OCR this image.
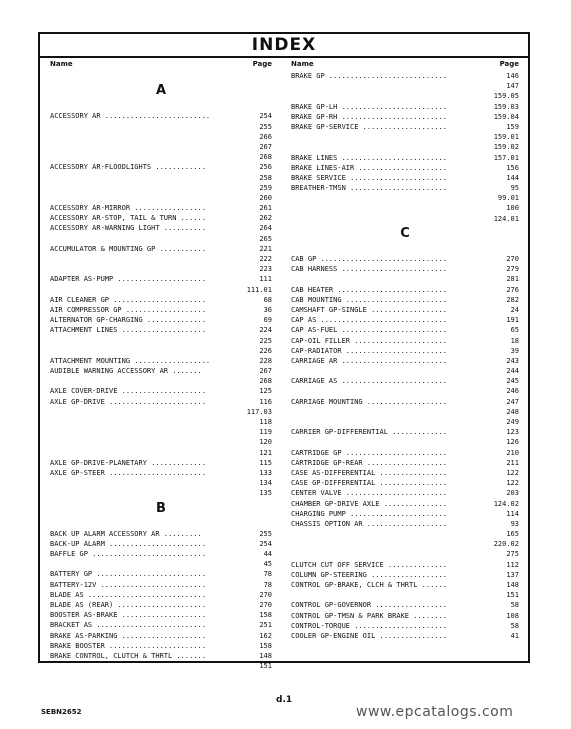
INDEX
Name	Page
A
ACCESSORY AR .........................	254
255
266
267
268
ACCESSORY AR-FLOODLIGHTS ............	256
258
259
260
ACCESSORY AR-MIRROR .................	261
ACCESSORY AR-STOP, TAIL & TURN ......	262
ACCESSORY AR-WARNING LIGHT ..........	264
265
ACCUMULATOR & MOUNTING GP ...........	221
222
223
ADAPTER AS-PUMP .....................	111
111.01
AIR CLEANER GP ......................	68
AIR COMPRESSOR GP ...................	36
ALTERNATOR GP-CHARGING ..............	69
ATTACHMENT LINES ....................	224
225
226
ATTACHMENT MOUNTING ..................	228
AUDIBLE WARNING ACCESSORY AR .......	267
268
AXLE COVER-DRIVE ....................	125
AXLE GP-DRIVE .......................	116
117.03
118
119
120
121
AXLE GP-DRIVE-PLANETARY .............	115
AXLE GP-STEER .......................	133
134
135
B
BACK UP ALARM ACCESSORY AR .........	255
BACK-UP ALARM .......................	254
BAFFLE GP ...........................	44
45
BATTERY GP ..........................	78
BATTERY-12V .........................	78
BLADE AS ............................	270
BLADE AS (REAR) .....................	270
BOOSTER AS-BRAKE ....................	158
BRACKET AS ..........................	251
BRAKE AS-PARKING ....................	162
BRAKE BOOSTER .......................	158
BRAKE CONTROL, CLUTCH & THRTL .......	148
151
Name	Page
BRAKE GP ............................	146
147
159.05
BRAKE GP-LH .........................	159.03
BRAKE GP-RH .........................	159.04
BRAKE GP-SERVICE ....................	159
159.01
159.02
BRAKE LINES .........................	157.01
BRAKE LINES-AIR .....................	156
BRAKE SERVICE .......................	144
BREATHER-TMSN .......................	95
99.01
100
124.01
C
CAB GP ..............................	270
CAB HARNESS .........................	279
281
CAB HEATER ..........................	276
CAB MOUNTING ........................	282
CAMSHAFT GP-SINGLE ..................	24
CAP AS ..............................	191
CAP AS-FUEL .........................	65
CAP-OIL FILLER ......................	18
CAP-RADIATOR ........................	39
CARRIAGE AR .........................	243
244
CARRIAGE AS .........................	245
246
CARRIAGE MOUNTING ...................	247
248
249
CARRIER GP-DIFFERENTIAL .............	123
126
CARTRIDGE GP ........................	210
CARTRIDGE GP-REAR ...................	211
CASE AS-DIFFERENTIAL ................	122
CASE GP-DIFFERENTIAL ................	122
CENTER VALVE ........................	203
CHAMBER GP-DRIVE AXLE ...............	124.02
CHARGING PUMP .......................	114
CHASSIS OPTION AR ...................	93
165
220.02
275
CLUTCH CUT OFF SERVICE ..............	112
COLUMN GP-STEERING ..................	137
CONTROL GP-BRAKE, CLCH & THRTL ......	148
151
CONTROL GP-GOVERNOR .................	58
CONTROL GP-TMSN & PARK BRAKE ........	108
CONTROL-TORQUE ......................	58
COOLER GP-ENGINE OIL ................	41
d.1
SEBN2652	www.epcatalogs.com
